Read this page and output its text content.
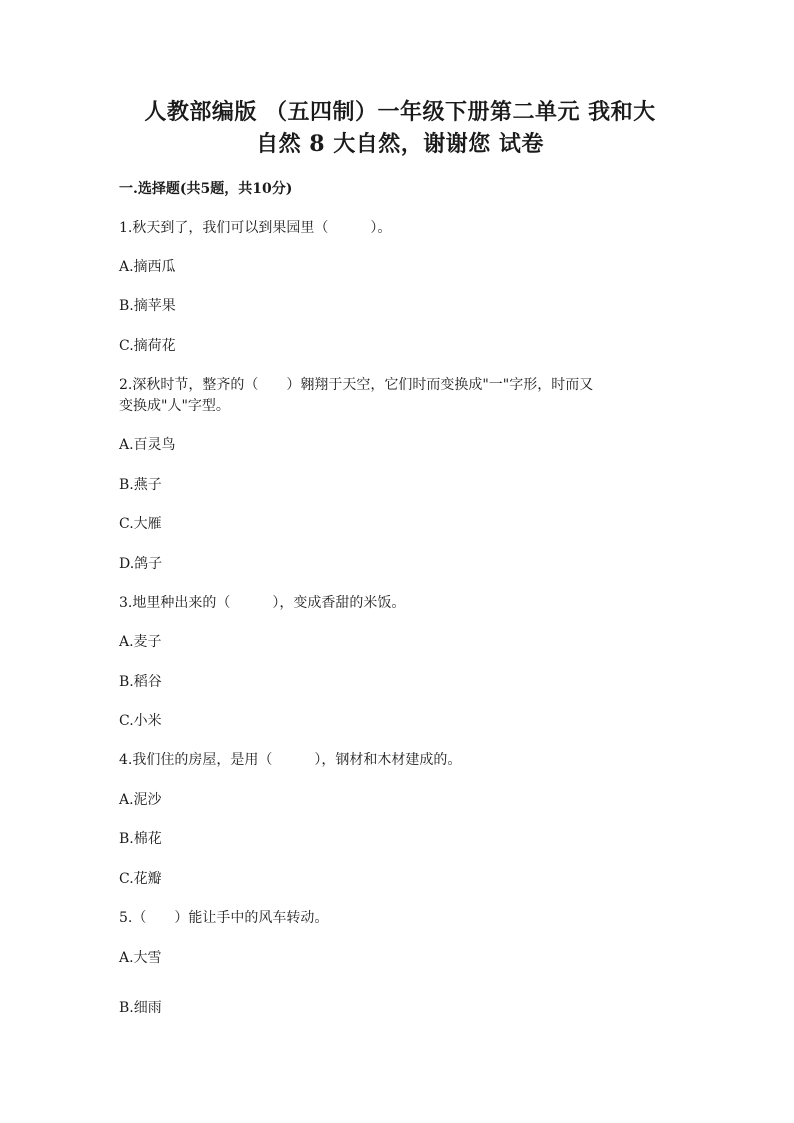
人教部编版 （五四制）一年级下册第二单元 我和大
自然 8 大自然，谢谢您 试卷
一.选择题(共5题，共10分)
1.秋天到了，我们可以到果园里（　　　）。
A.摘西瓜
B.摘苹果
C.摘荷花
2.深秋时节，整齐的（　　）翱翔于天空，它们时而变换成"一"字形，时而又
变换成"人"字型。
A.百灵鸟
B.燕子
C.大雁
D.鸽子
3.地里种出来的（　　　），变成香甜的米饭。
A.麦子
B.稻谷
C.小米
4.我们住的房屋，是用（　　　），钢材和木材建成的。
A.泥沙
B.棉花
C.花瓣
5.（　　）能让手中的风车转动。
A.大雪
B.细雨
